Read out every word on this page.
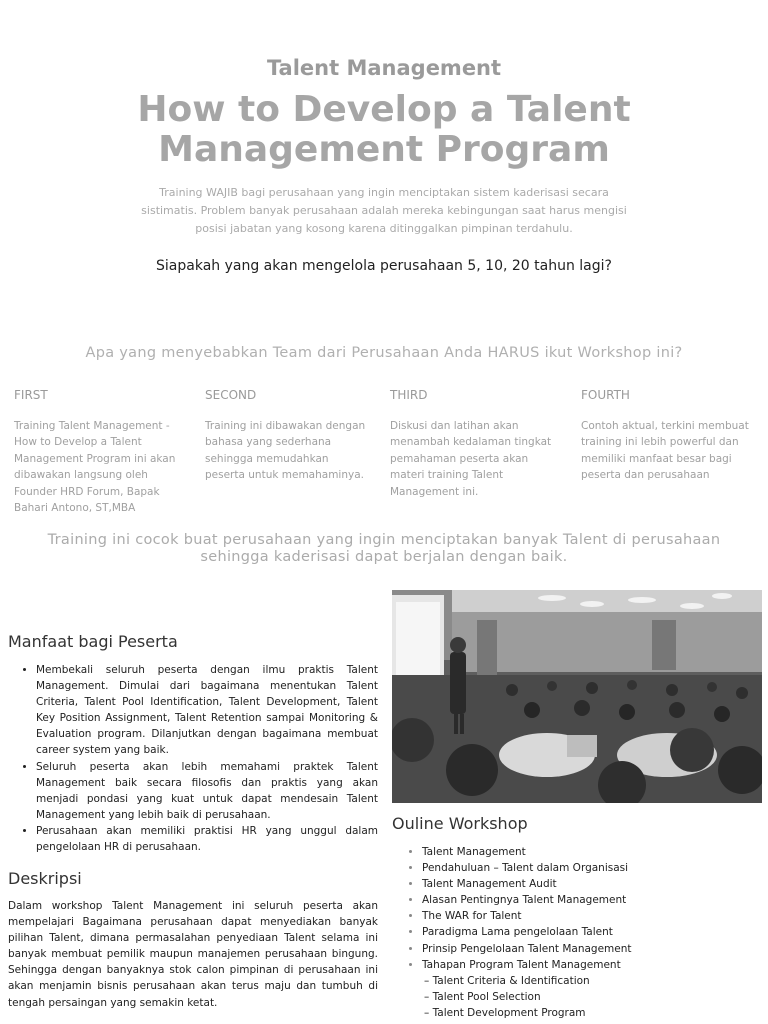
Talent Management
How to Develop a Talent
Management Program
Training WAJIB bagi perusahaan yang ingin menciptakan sistem kaderisasi secara sistimatis. Problem banyak perusahaan adalah mereka kebingungan saat harus mengisi posisi jabatan yang kosong karena ditinggalkan pimpinan terdahulu.
Siapakah yang akan mengelola perusahaan 5, 10, 20 tahun lagi?
Apa yang menyebabkan Team dari Perusahaan Anda HARUS ikut Workshop ini?
FIRST
Training Talent Management - How to Develop a Talent Management Program ini akan dibawakan langsung oleh Founder HRD Forum, Bapak Bahari Antono, ST,MBA
SECOND
Training ini dibawakan dengan bahasa yang sederhana sehingga memudahkan peserta untuk memahaminya.
THIRD
Diskusi dan latihan akan menambah kedalaman tingkat pemahaman peserta akan materi training Talent Management ini.
FOURTH
Contoh aktual, terkini membuat training ini lebih powerful dan memiliki manfaat besar bagi peserta dan perusahaan
Training ini cocok buat perusahaan yang ingin menciptakan banyak Talent di perusahaan sehingga kaderisasi dapat berjalan dengan baik.
Manfaat bagi Peserta
• Membekali seluruh peserta dengan ilmu praktis Talent Management. Dimulai dari bagaimana menentukan Talent Criteria, Talent Pool Identification, Talent Development, Talent Key Position Assignment, Talent Retention sampai Monitoring & Evaluation program. Dilanjutkan dengan bagaimana membuat career system yang baik.
• Seluruh peserta akan lebih memahami praktek Talent Management baik secara filosofis dan praktis yang akan menjadi pondasi yang kuat untuk dapat mendesain Talent Management yang lebih baik di perusahaan.
• Perusahaan akan memiliki praktisi HR yang unggul dalam pengelolaan HR di perusahaan.
Deskripsi
Dalam workshop Talent Management ini seluruh peserta akan mempelajari Bagaimana perusahaan dapat menyediakan banyak pilihan Talent, dimana permasalahan penyediaan Talent selama ini banyak membuat pemilik maupun manajemen perusahaan bingung. Sehingga dengan banyaknya stok calon pimpinan di perusahaan ini akan menjamin bisnis perusahaan akan terus maju dan tumbuh di tengah persaingan yang semakin ketat.
Ouline Workshop
• Talent Management
• Pendahuluan – Talent dalam Organisasi
• Talent Management Audit
• Alasan Pentingnya Talent Management
• The WAR for Talent
• Paradigma Lama pengelolaan Talent
• Prinsip Pengelolaan Talent Management
• Tahapan Program Talent Management
– Talent Criteria & Identification
– Talent Pool Selection
– Talent Development Program
